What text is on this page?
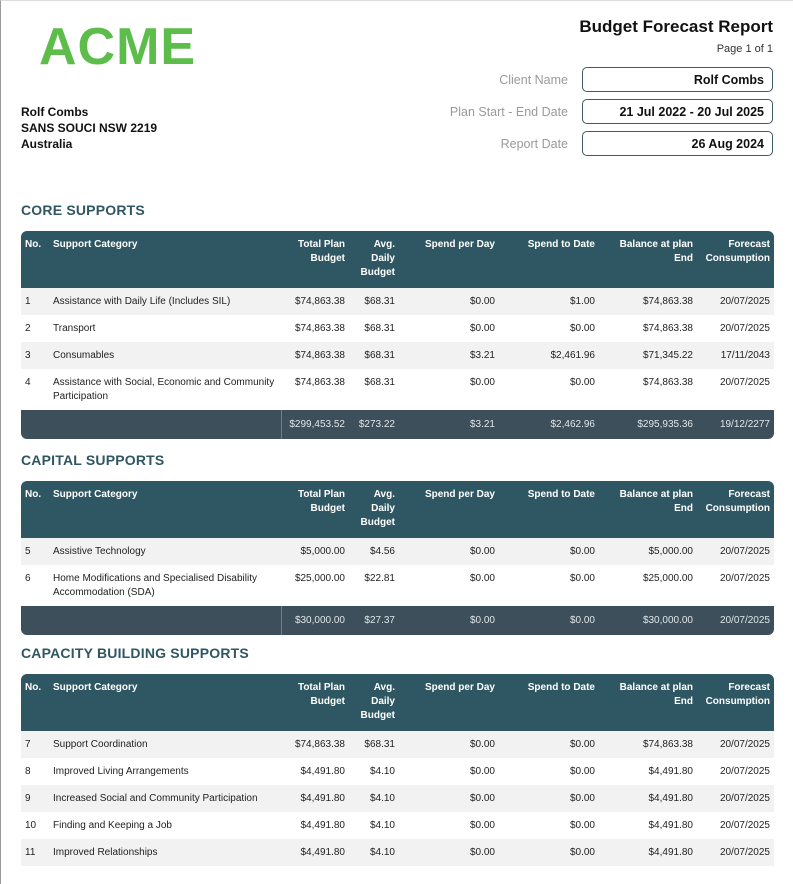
ACME	Budget Forecast Report
Page 1 of 1
Rolf Combs
SANS SOUCI NSW 2219
Australia
Client Name	Rolf Combs
Plan Start - End Date	21 Jul 2022 - 20 Jul 2025
Report Date	26 Aug 2024
CORE SUPPORTS
No.	Support Category	Total Plan Budget	Avg. Daily Budget	Spend per Day	Spend to Date	Balance at plan End	Forecast Consumption
1	Assistance with Daily Life (Includes SIL)	$74,863.38	$68.31	$0.00	$1.00	$74,863.38	20/07/2025
2	Transport	$74,863.38	$68.31	$0.00	$0.00	$74,863.38	20/07/2025
3	Consumables	$74,863.38	$68.31	$3.21	$2,461.96	$71,345.22	17/11/2043
4	Assistance with Social, Economic and Community Participation	$74,863.38	$68.31	$0.00	$0.00	$74,863.38	20/07/2025
		$299,453.52	$273.22	$3.21	$2,462.96	$295,935.36	19/12/2277
CAPITAL SUPPORTS
No.	Support Category	Total Plan Budget	Avg. Daily Budget	Spend per Day	Spend to Date	Balance at plan End	Forecast Consumption
5	Assistive Technology	$5,000.00	$4.56	$0.00	$0.00	$5,000.00	20/07/2025
6	Home Modifications and Specialised Disability Accommodation (SDA)	$25,000.00	$22.81	$0.00	$0.00	$25,000.00	20/07/2025
		$30,000.00	$27.37	$0.00	$0.00	$30,000.00	20/07/2025
CAPACITY BUILDING SUPPORTS
No.	Support Category	Total Plan Budget	Avg. Daily Budget	Spend per Day	Spend to Date	Balance at plan End	Forecast Consumption
7	Support Coordination	$74,863.38	$68.31	$0.00	$0.00	$74,863.38	20/07/2025
8	Improved Living Arrangements	$4,491.80	$4.10	$0.00	$0.00	$4,491.80	20/07/2025
9	Increased Social and Community Participation	$4,491.80	$4.10	$0.00	$0.00	$4,491.80	20/07/2025
10	Finding and Keeping a Job	$4,491.80	$4.10	$0.00	$0.00	$4,491.80	20/07/2025
11	Improved Relationships	$4,491.80	$4.10	$0.00	$0.00	$4,491.80	20/07/2025
